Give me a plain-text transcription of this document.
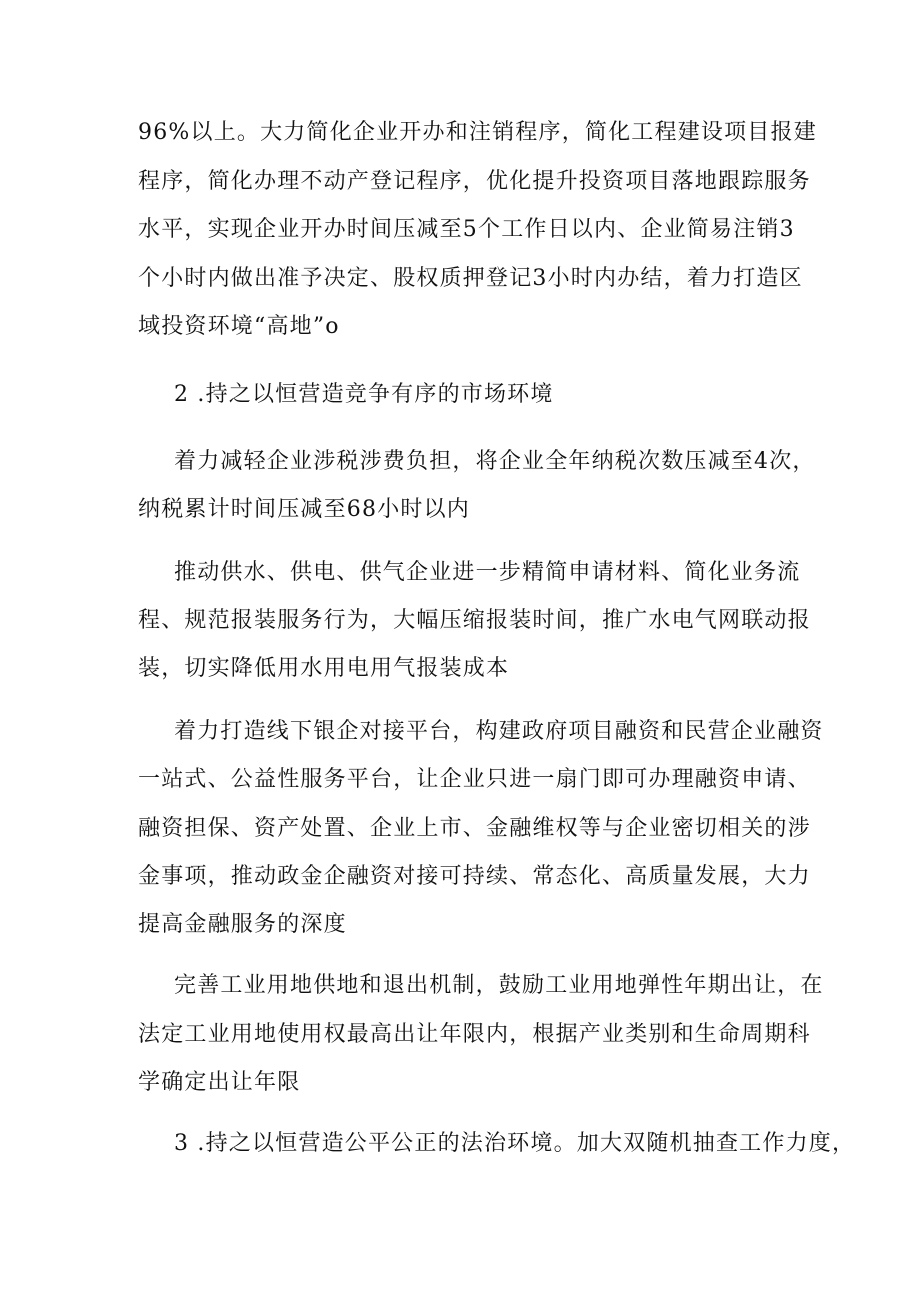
96%以上。大力简化企业开办和注销程序，简化工程建设项目报建
程序，简化办理不动产登记程序，优化提升投资项目落地跟踪服务
水平，实现企业开办时间压减至5个工作日以内、企业简易注销3
个小时内做出准予决定、股权质押登记3小时内办结，着力打造区
域投资环境“高地”o
2 .持之以恒营造竞争有序的市场环境
着力减轻企业涉税涉费负担，将企业全年纳税次数压减至4次，
纳税累计时间压减至68小时以内
推动供水、供电、供气企业进一步精简申请材料、简化业务流
程、规范报装服务行为，大幅压缩报装时间，推广水电气网联动报
装，切实降低用水用电用气报装成本
着力打造线下银企对接平台，构建政府项目融资和民营企业融资
一站式、公益性服务平台，让企业只进一扇门即可办理融资申请、
融资担保、资产处置、企业上市、金融维权等与企业密切相关的涉
金事项，推动政金企融资对接可持续、常态化、高质量发展，大力
提高金融服务的深度
完善工业用地供地和退出机制，鼓励工业用地弹性年期出让，在
法定工业用地使用权最高出让年限内，根据产业类别和生命周期科
学确定出让年限
3 .持之以恒营造公平公正的法治环境。加大双随机抽查工作力度，
